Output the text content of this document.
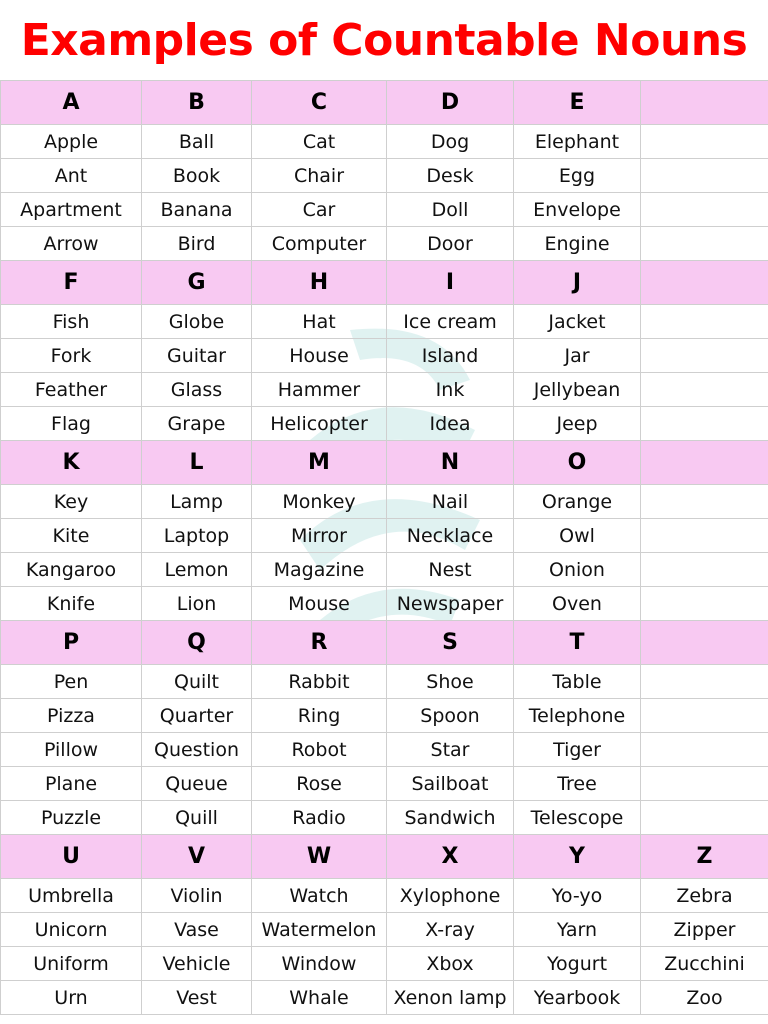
Examples of Countable Nouns
A	B	C	D	E	
Apple	Ball	Cat	Dog	Elephant	
Ant	Book	Chair	Desk	Egg	
Apartment	Banana	Car	Doll	Envelope	
Arrow	Bird	Computer	Door	Engine	
F	G	H	I	J	
Fish	Globe	Hat	Ice cream	Jacket	
Fork	Guitar	House	Island	Jar	
Feather	Glass	Hammer	Ink	Jellybean	
Flag	Grape	Helicopter	Idea	Jeep	
K	L	M	N	O	
Key	Lamp	Monkey	Nail	Orange	
Kite	Laptop	Mirror	Necklace	Owl	
Kangaroo	Lemon	Magazine	Nest	Onion	
Knife	Lion	Mouse	Newspaper	Oven	
P	Q	R	S	T	
Pen	Quilt	Rabbit	Shoe	Table	
Pizza	Quarter	Ring	Spoon	Telephone	
Pillow	Question	Robot	Star	Tiger	
Plane	Queue	Rose	Sailboat	Tree	
Puzzle	Quill	Radio	Sandwich	Telescope	
U	V	W	X	Y	Z
Umbrella	Violin	Watch	Xylophone	Yo-yo	Zebra
Unicorn	Vase	Watermelon	X-ray	Yarn	Zipper
Uniform	Vehicle	Window	Xbox	Yogurt	Zucchini
Urn	Vest	Whale	Xenon lamp	Yearbook	Zoo
